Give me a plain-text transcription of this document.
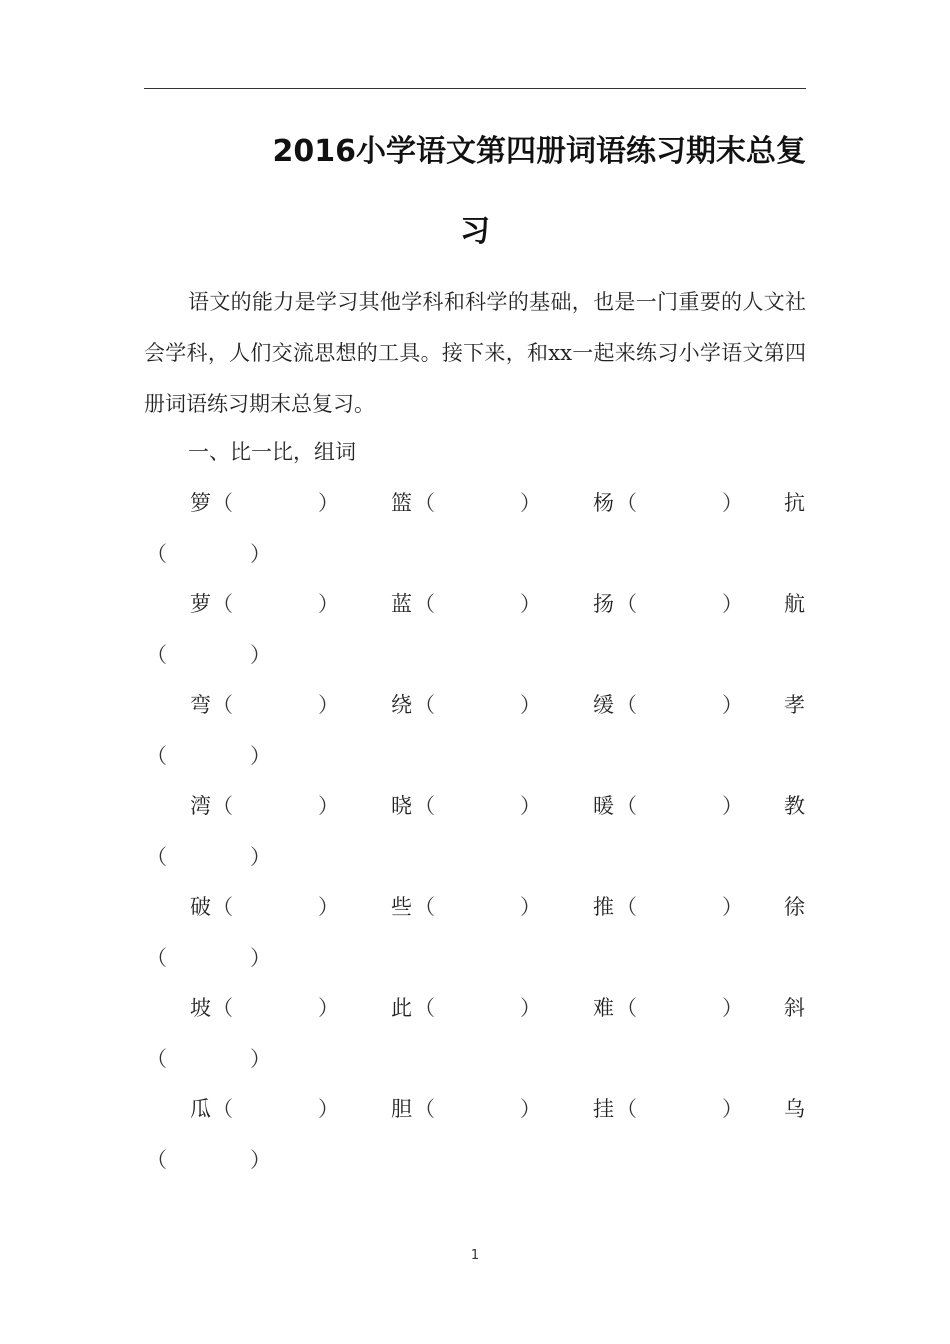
2016小学语文第四册词语练习期末总复
习

语文的能力是学习其他学科和科学的基础，也是一门重要的人文社会学科，人们交流思想的工具。接下来，和xx一起来练习小学语文第四册词语练习期末总复习。

一、比一比，组词

箩 （	） 篮 （	） 杨 （	） 抗
（	）
萝 （	） 蓝 （	） 扬 （	） 航
（	）
弯 （	） 绕 （	） 缓 （	） 孝
（	）
湾 （	） 晓 （	） 暖 （	） 教
（	）
破 （	） 些 （	） 推 （	） 徐
（	）
坡 （	） 此 （	） 难 （	） 斜
（	）
瓜 （	） 胆 （	） 挂 （	） 乌
（	）
1
